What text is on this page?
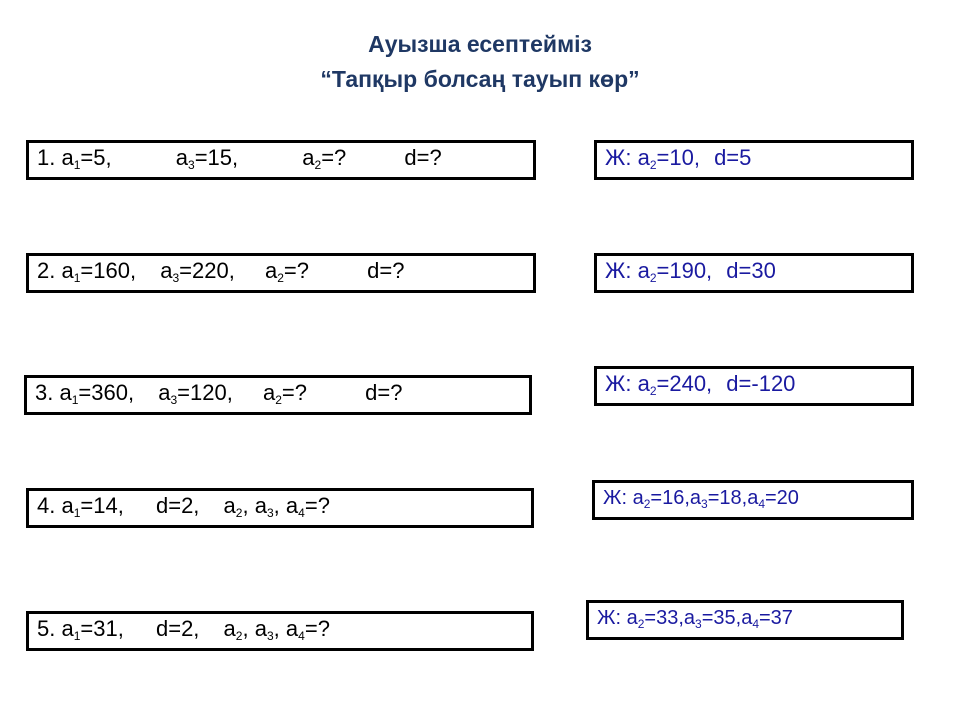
Ауызша есептейміз
“Тапқыр болсаң тауып көр”
1. $a_1=5$,	$a_3=15$,	$a_2=$?	d=?
2. $a_1=160$, $a_3=220$, $a_2=$?	d=?
3. $a_1=360$, $a_3=120$, $a_2=$?	d=?
4. $a_1=14$, d=2, $a_2$, $a_3$, $a_4=$?
5. $a_1=31$, d=2, $a_2$, $a_3$, $a_4=$?
Ж: $a_2=10$, d=5
Ж: $a_2=190$, d=30
Ж: $a_2=240$, d=-120
Ж: $a_2=16,a_3=18,a_4=20$
Ж: $a_2=33,a_3=35,a_4=37$
